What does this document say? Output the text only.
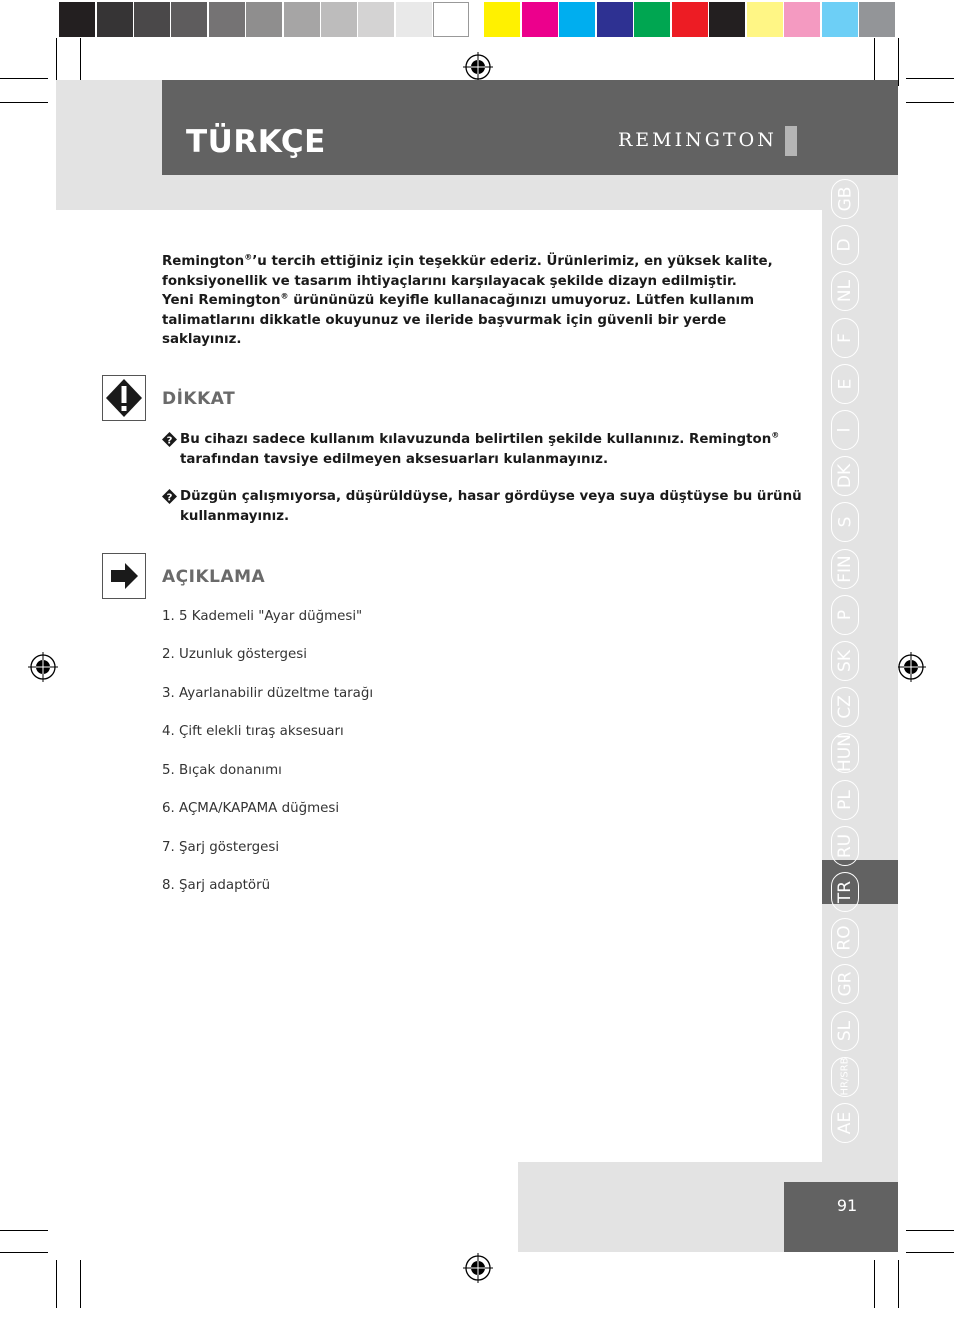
TÜRKÇE	REMINGTON
GB
D
NL
F
E
I
DK
S
FIN
P
SK
CZ
HUN
PL
RU
TR
RO
GR
SL
HR/SRB
AE

Remington®’u tercih ettiğiniz için teşekkür ederiz. Ürünlerimiz, en yüksek kalite, fonksiyonellik ve tasarım ihtiyaçlarını karşılayacak şekilde dizayn edilmiştir.
Yeni Remington® ürününüzü keyifle kullanacağınızı umuyoruz. Lütfen kullanım talimatlarını dikkatle okuyunuz ve ileride başvurmak için güvenli bir yerde saklayınız.

DİKKAT
? Bu cihazı sadece kullanım kılavuzunda belirtilen şekilde kullanınız. Remington® tarafından tavsiye edilmeyen aksesuarları kulanmayınız.
? Düzgün çalışmıyorsa, düşürüldüyse, hasar gördüyse veya suya düştüyse bu ürünü kullanmayınız.
AÇIKLAMA
1. 5 Kademeli "Ayar düğmesi"
2. Uzunluk göstergesi
3. Ayarlanabilir düzeltme tarağı
4. Çift elekli tıraş aksesuarı
5. Bıçak donanımı
6. AÇMA/KAPAMA düğmesi
7. Şarj göstergesi
8. Şarj adaptörü
91
